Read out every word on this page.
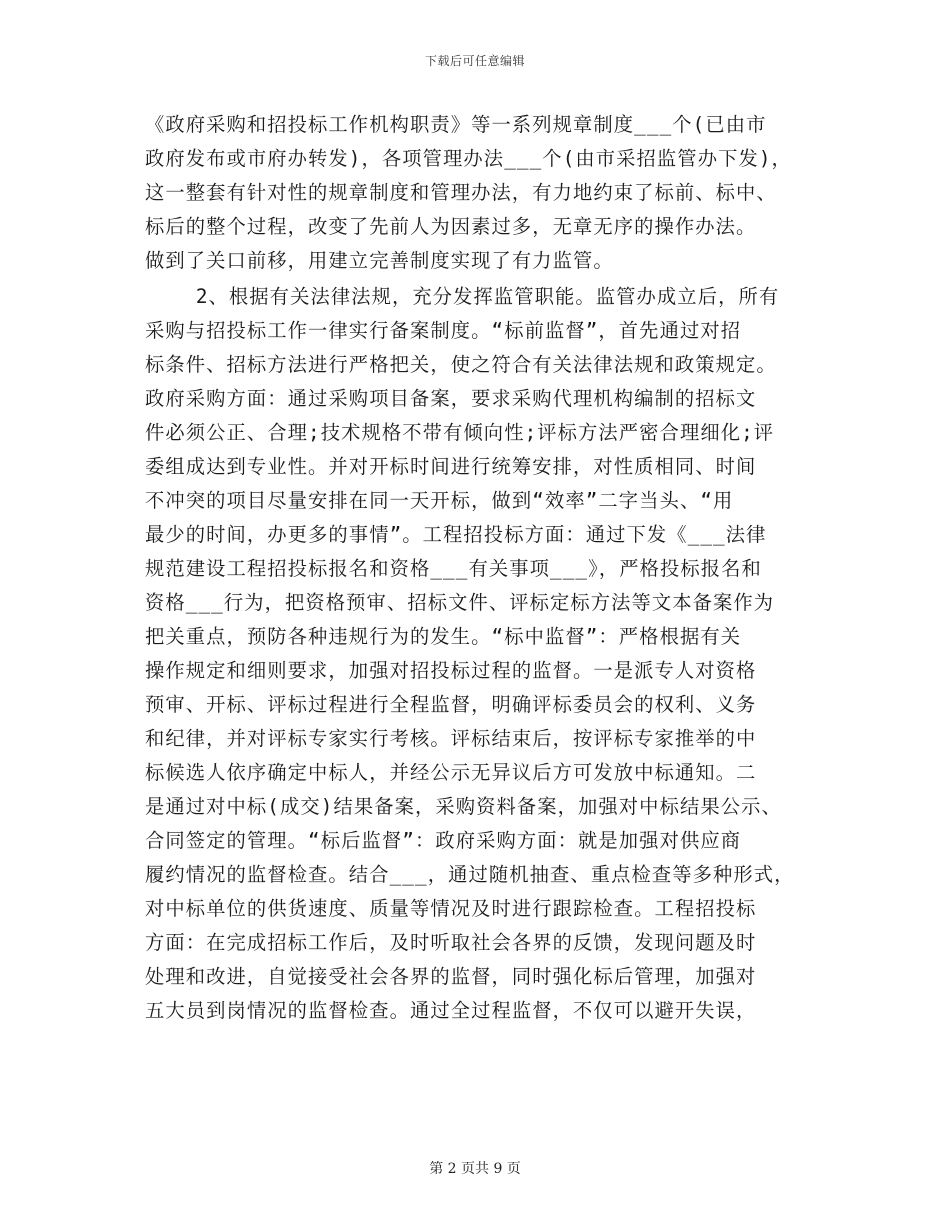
下载后可任意编辑
《政府采购和招投标工作机构职责》等一系列规章制度___个(已由市
政府发布或市府办转发)，各项管理办法___个(由市采招监管办下发)，
这一整套有针对性的规章制度和管理办法，有力地约束了标前、标中、
标后的整个过程，改变了先前人为因素过多，无章无序的操作办法。
做到了关口前移，用建立完善制度实现了有力监管。
2、根据有关法律法规，充分发挥监管职能。监管办成立后，所有
采购与招投标工作一律实行备案制度。“标前监督”，首先通过对招
标条件、招标方法进行严格把关，使之符合有关法律法规和政策规定。
政府采购方面：通过采购项目备案，要求采购代理机构编制的招标文
件必须公正、合理;技术规格不带有倾向性;评标方法严密合理细化;评
委组成达到专业性。并对开标时间进行统筹安排，对性质相同、时间
不冲突的项目尽量安排在同一天开标，做到“效率”二字当头、“用
最少的时间，办更多的事情”。工程招投标方面：通过下发《___法律
规范建设工程招投标报名和资格___有关事项___》，严格投标报名和
资格___行为，把资格预审、招标文件、评标定标方法等文本备案作为
把关重点，预防各种违规行为的发生。“标中监督”：严格根据有关
操作规定和细则要求，加强对招投标过程的监督。一是派专人对资格
预审、开标、评标过程进行全程监督，明确评标委员会的权利、义务
和纪律，并对评标专家实行考核。评标结束后，按评标专家推举的中
标候选人依序确定中标人，并经公示无异议后方可发放中标通知。二
是通过对中标(成交)结果备案，采购资料备案，加强对中标结果公示、
合同签定的管理。“标后监督”：政府采购方面：就是加强对供应商
履约情况的监督检查。结合___，通过随机抽查、重点检查等多种形式，
对中标单位的供货速度、质量等情况及时进行跟踪检查。工程招投标
方面：在完成招标工作后，及时听取社会各界的反馈，发现问题及时
处理和改进，自觉接受社会各界的监督，同时强化标后管理，加强对
五大员到岗情况的监督检查。通过全过程监督，不仅可以避开失误，
第 2 页共 9 页
